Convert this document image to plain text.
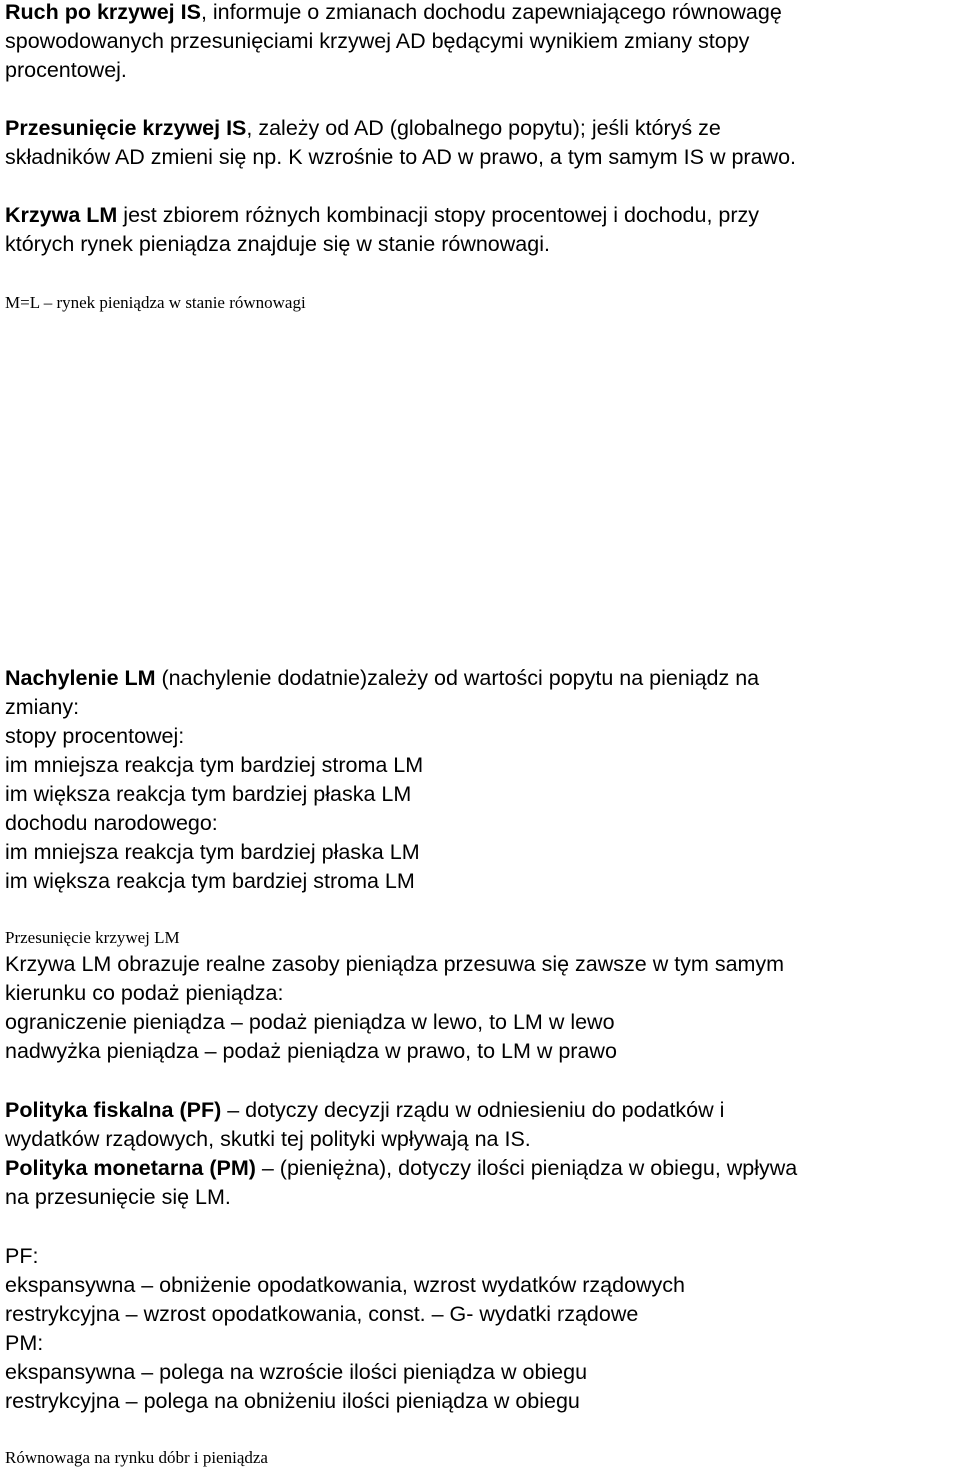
Ruch po krzywej IS, informuje o zmianach dochodu zapewniającego równowagę

spowodowanych przesunięciami krzywej AD będącymi wynikiem zmiany stopy

procentowej.

Przesunięcie krzywej IS, zależy od AD (globalnego popytu); jeśli któryś ze

składników AD zmieni się np. K wzrośnie to AD w prawo, a tym samym IS w prawo.

Krzywa LM jest zbiorem różnych kombinacji stopy procentowej i dochodu, przy

których rynek pieniądza znajduje się w stanie równowagi.

M=L – rynek pieniądza w stanie równowagi

Nachylenie LM (nachylenie dodatnie)zależy od wartości popytu na pieniądz na

zmiany:

stopy procentowej:

im mniejsza reakcja tym bardziej stroma LM

im większa reakcja tym bardziej płaska LM

dochodu narodowego:

im mniejsza reakcja tym bardziej płaska LM

im większa reakcja tym bardziej stroma LM

Przesunięcie krzywej LM

Krzywa LM obrazuje realne zasoby pieniądza przesuwa się zawsze w tym samym

kierunku co podaż pieniądza:

ograniczenie pieniądza – podaż pieniądza w lewo, to LM w lewo

nadwyżka pieniądza – podaż pieniądza w prawo, to LM w prawo

Polityka fiskalna (PF) – dotyczy decyzji rządu w odniesieniu do podatków i

wydatków rządowych, skutki tej polityki wpływają na IS.

Polityka monetarna (PM) – (pieniężna), dotyczy ilości pieniądza w obiegu, wpływa

na przesunięcie się LM.

PF:

ekspansywna – obniżenie opodatkowania, wzrost wydatków rządowych

restrykcyjna – wzrost opodatkowania, const. – G- wydatki rządowe

PM:

ekspansywna – polega na wzroście ilości pieniądza w obiegu

restrykcyjna – polega na obniżeniu ilości pieniądza w obiegu

Równowaga na rynku dóbr i pieniądza
